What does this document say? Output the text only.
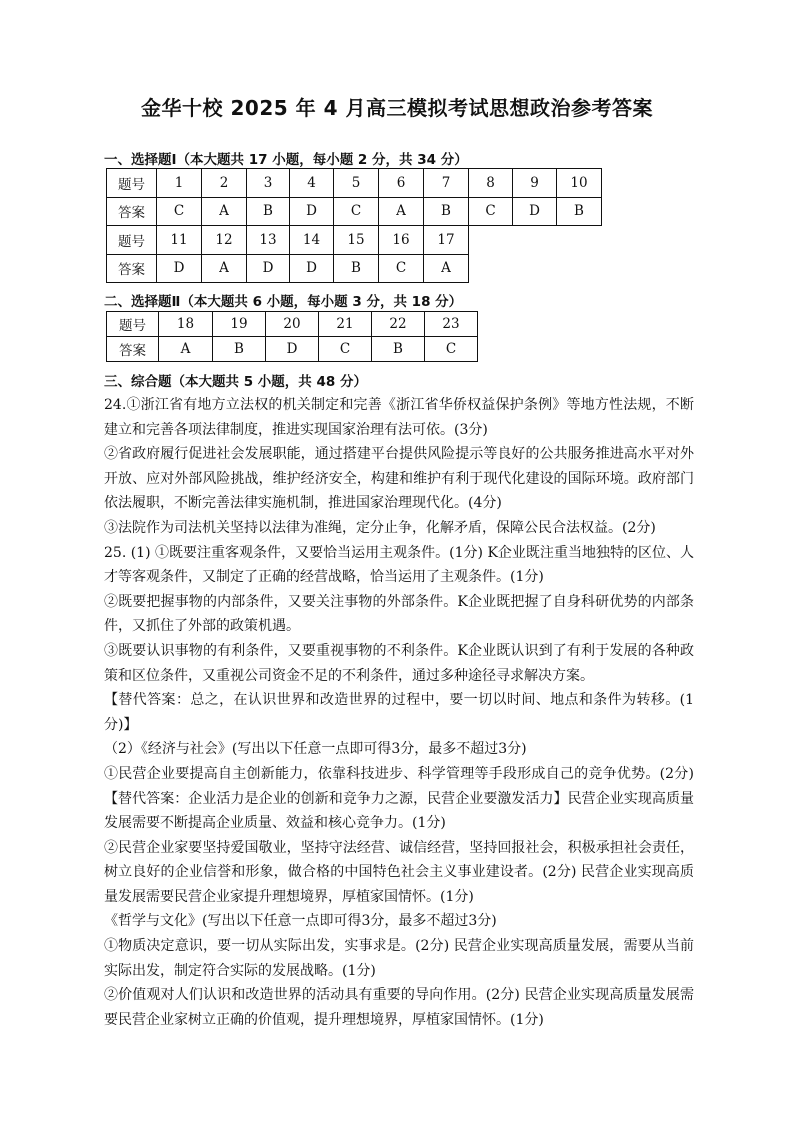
金华十校 2025 年 4 月高三模拟考试思想政治参考答案
一、选择题Ⅰ（本大题共 17 小题，每小题 2 分，共 34 分）
题号	1	2	3	4	5	6	7	8	9	10
答案	C	A	B	D	C	A	B	C	D	B
题号	11	12	13	14	15	16	17
答案	D	A	D	D	B	C	A
二、选择题Ⅱ（本大题共 6 小题，每小题 3 分，共 18 分）
题号	18	19	20	21	22	23
答案	A	B	D	C	B	C
三、综合题（本大题共 5 小题，共 48 分）

24.①浙江省有地方立法权的机关制定和完善《浙江省华侨权益保护条例》等地方性法规，不断建立和完善各项法律制度，推进实现国家治理有法可依。(3分)

②省政府履行促进社会发展职能，通过搭建平台提供风险提示等良好的公共服务推进高水平对外开放、应对外部风险挑战，维护经济安全，构建和维护有利于现代化建设的国际环境。政府部门依法履职，不断完善法律实施机制，推进国家治理现代化。(4分)

③法院作为司法机关坚持以法律为准绳，定分止争，化解矛盾，保障公民合法权益。(2分)

25. (1) ①既要注重客观条件，又要恰当运用主观条件。(1分) K企业既注重当地独特的区位、人才等客观条件，又制定了正确的经营战略，恰当运用了主观条件。(1分)

②既要把握事物的内部条件，又要关注事物的外部条件。K企业既把握了自身科研优势的内部条件，又抓住了外部的政策机遇。

③既要认识事物的有利条件，又要重视事物的不利条件。K企业既认识到了有利于发展的各种政策和区位条件，又重视公司资金不足的不利条件，通过多种途径寻求解决方案。

【替代答案：总之，在认识世界和改造世界的过程中，要一切以时间、地点和条件为转移。(1分)】

（2）《经济与社会》(写出以下任意一点即可得3分，最多不超过3分)

①民营企业要提高自主创新能力，依靠科技进步、科学管理等手段形成自己的竞争优势。(2分)【替代答案：企业活力是企业的创新和竞争力之源，民营企业要激发活力】民营企业实现高质量发展需要不断提高企业质量、效益和核心竞争力。(1分)

②民营企业家要坚持爱国敬业，坚持守法经营、诚信经营，坚持回报社会，积极承担社会责任，树立良好的企业信誉和形象，做合格的中国特色社会主义事业建设者。(2分) 民营企业实现高质量发展需要民营企业家提升理想境界，厚植家国情怀。(1分)

《哲学与文化》(写出以下任意一点即可得3分，最多不超过3分)

①物质决定意识，要一切从实际出发，实事求是。(2分) 民营企业实现高质量发展，需要从当前实际出发，制定符合实际的发展战略。(1分)

②价值观对人们认识和改造世界的活动具有重要的导向作用。(2分) 民营企业实现高质量发展需要民营企业家树立正确的价值观，提升理想境界，厚植家国情怀。(1分)
